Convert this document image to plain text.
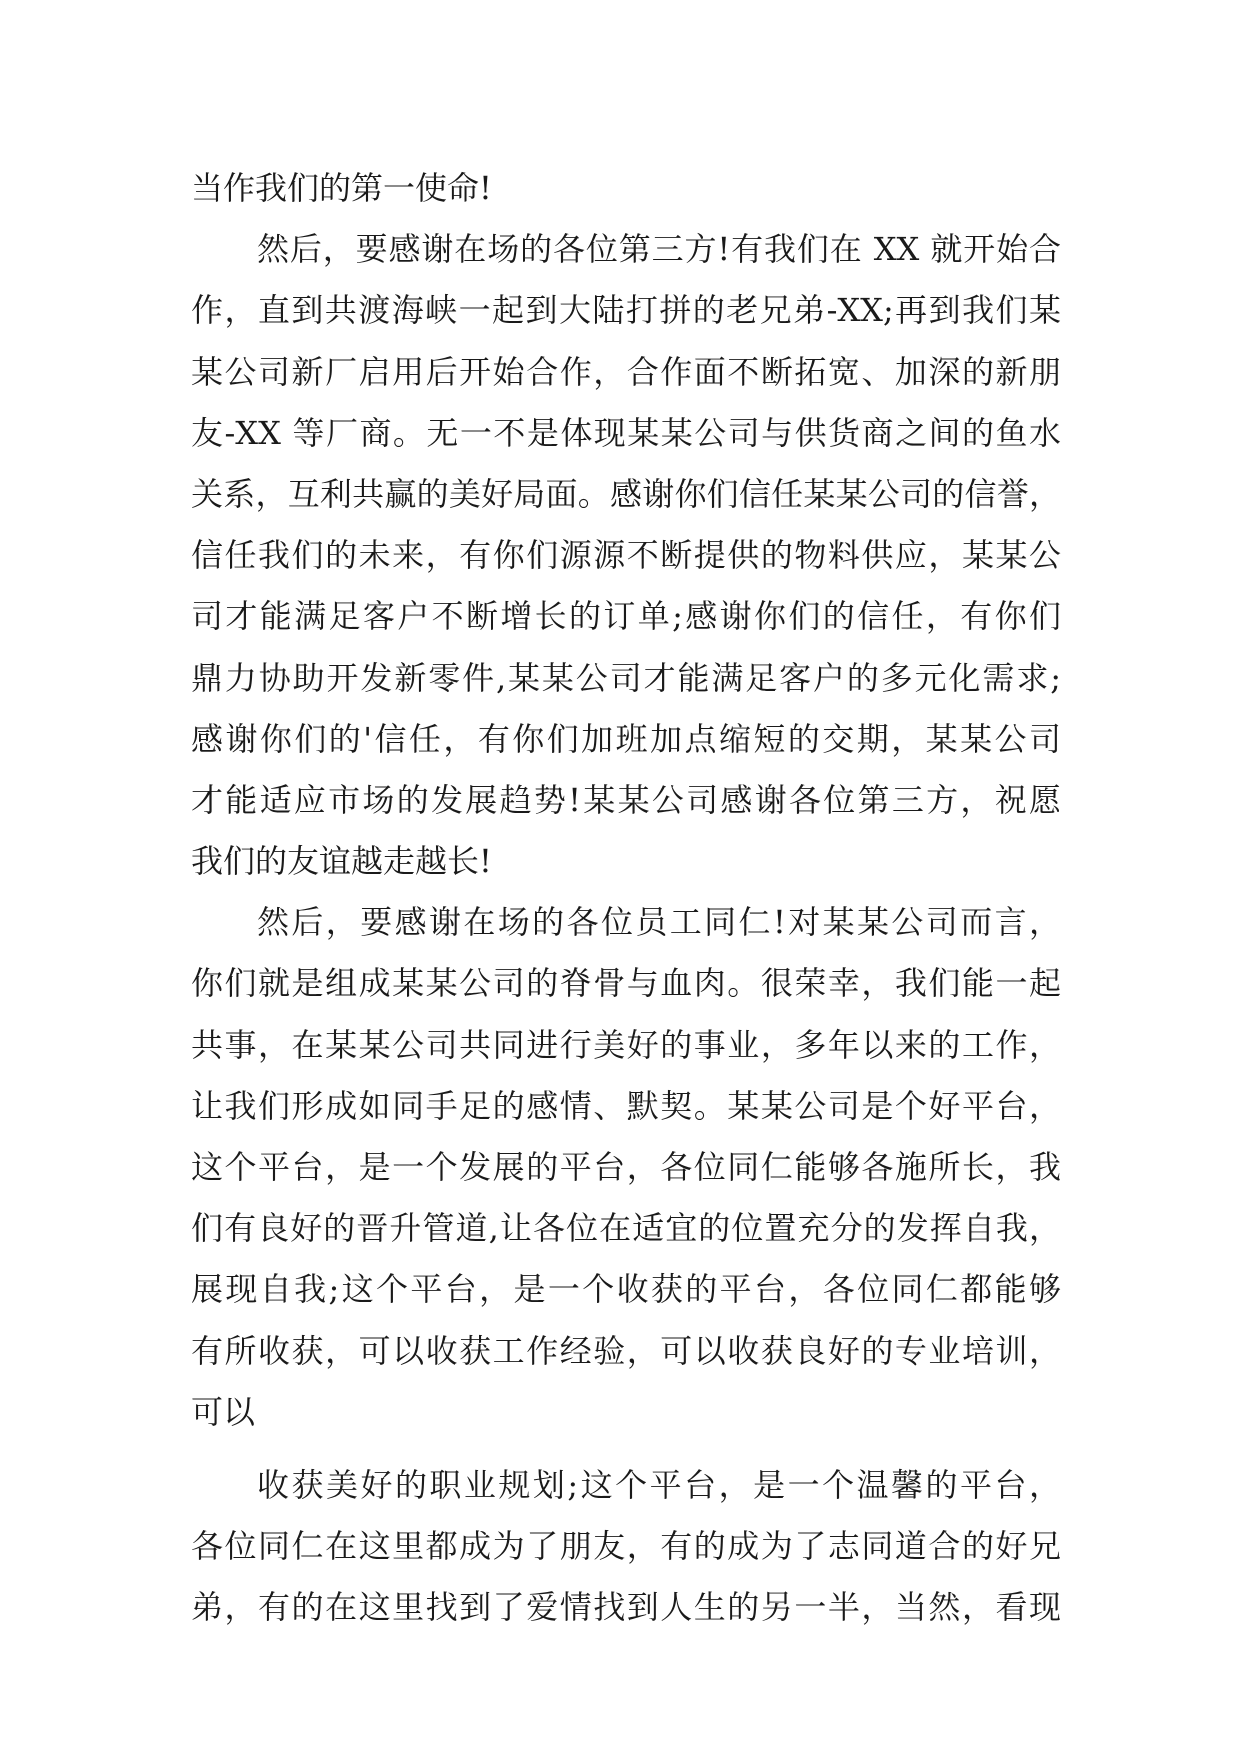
当作我们的第一使命!
然后，要感谢在场的各位第三方!有我们在 XX 就开始合
作，直到共渡海峡一起到大陆打拼的老兄弟-XX;再到我们某
某公司新厂启用后开始合作，合作面不断拓宽、加深的新朋
友-XX 等厂商。无一不是体现某某公司与供货商之间的鱼水
关系，互利共赢的美好局面。感谢你们信任某某公司的信誉，
信任我们的未来，有你们源源不断提供的物料供应，某某公
司才能满足客户不断增长的订单;感谢你们的信任，有你们
鼎力协助开发新零件,某某公司才能满足客户的多元化需求;
感谢你们的'信任，有你们加班加点缩短的交期，某某公司
才能适应市场的发展趋势!某某公司感谢各位第三方，祝愿
我们的友谊越走越长!
然后，要感谢在场的各位员工同仁!对某某公司而言，
你们就是组成某某公司的脊骨与血肉。很荣幸，我们能一起
共事，在某某公司共同进行美好的事业，多年以来的工作，
让我们形成如同手足的感情、默契。某某公司是个好平台，
这个平台，是一个发展的平台，各位同仁能够各施所长，我
们有良好的晋升管道,让各位在适宜的位置充分的发挥自我，
展现自我;这个平台，是一个收获的平台，各位同仁都能够
有所收获，可以收获工作经验，可以收获良好的专业培训，
可以
收获美好的职业规划;这个平台，是一个温馨的平台，
各位同仁在这里都成为了朋友，有的成为了志同道合的好兄
弟，有的在这里找到了爱情找到人生的另一半，当然，看现
